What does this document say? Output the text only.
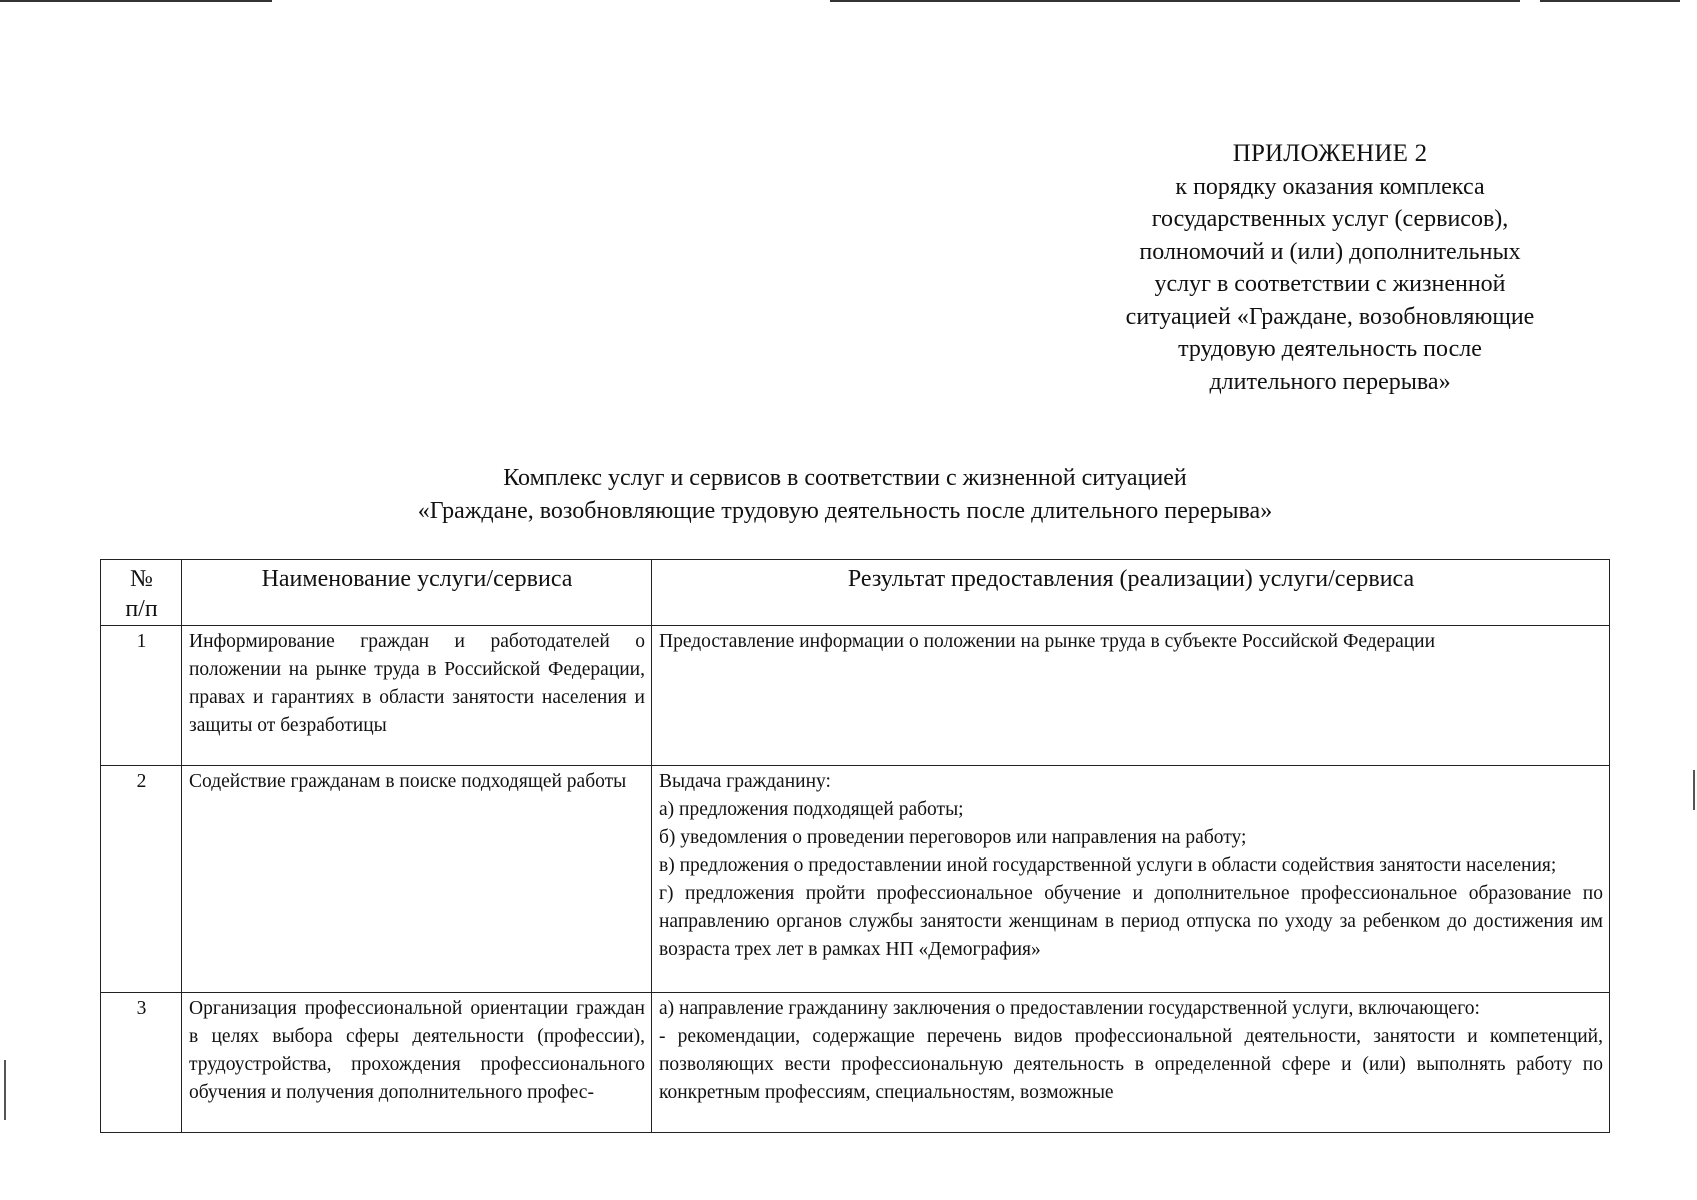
ПРИЛОЖЕНИЕ 2
к порядку оказания комплекса
государственных услуг (сервисов),
полномочий и (или) дополнительных
услуг в соответствии с жизненной
ситуацией «Граждане, возобновляющие
трудовую деятельность после
длительного перерыва»
Комплекс услуг и сервисов в соответствии с жизненной ситуацией
«Граждане, возобновляющие трудовую деятельность после длительного перерыва»
№
п/п	Наименование услуги/сервиса	Результат предоставления (реализации) услуги/сервиса
1	Информирование граждан и работодателей о положении на рынке труда в Российской Федерации, правах и гарантиях в области занятости населения и защиты от безработицы	Предоставление информации о положении на рынке труда в субъекте Российской Федерации

2	Содействие гражданам в поиске подходящей работы	Выдача гражданину:
а) предложения подходящей работы;
б) уведомления о проведении переговоров или направления на работу;
в) предложения о предоставлении иной государственной услуги в области содействия занятости населения;
г) предложения пройти профессиональное обучение и дополнительное профессиональное образование по направлению органов службы занятости женщинам в период отпуска по уходу за ребенком до достижения им возраста трех лет в рамках НП «Демография»

3	Организация профессиональной ориентации граждан в целях выбора сферы деятельности (профессии), трудоустройства, прохождения профессионального обучения и получения дополнительного профес-	а) направление гражданину заключения о предоставлении государственной услуги, включающего:
- рекомендации, содержащие перечень видов профессиональной деятельности, занятости и компетенций, позволяющих вести профессиональную деятельность в определенной сфере и (или) выполнять работу по конкретным профессиям, специальностям, возможные
